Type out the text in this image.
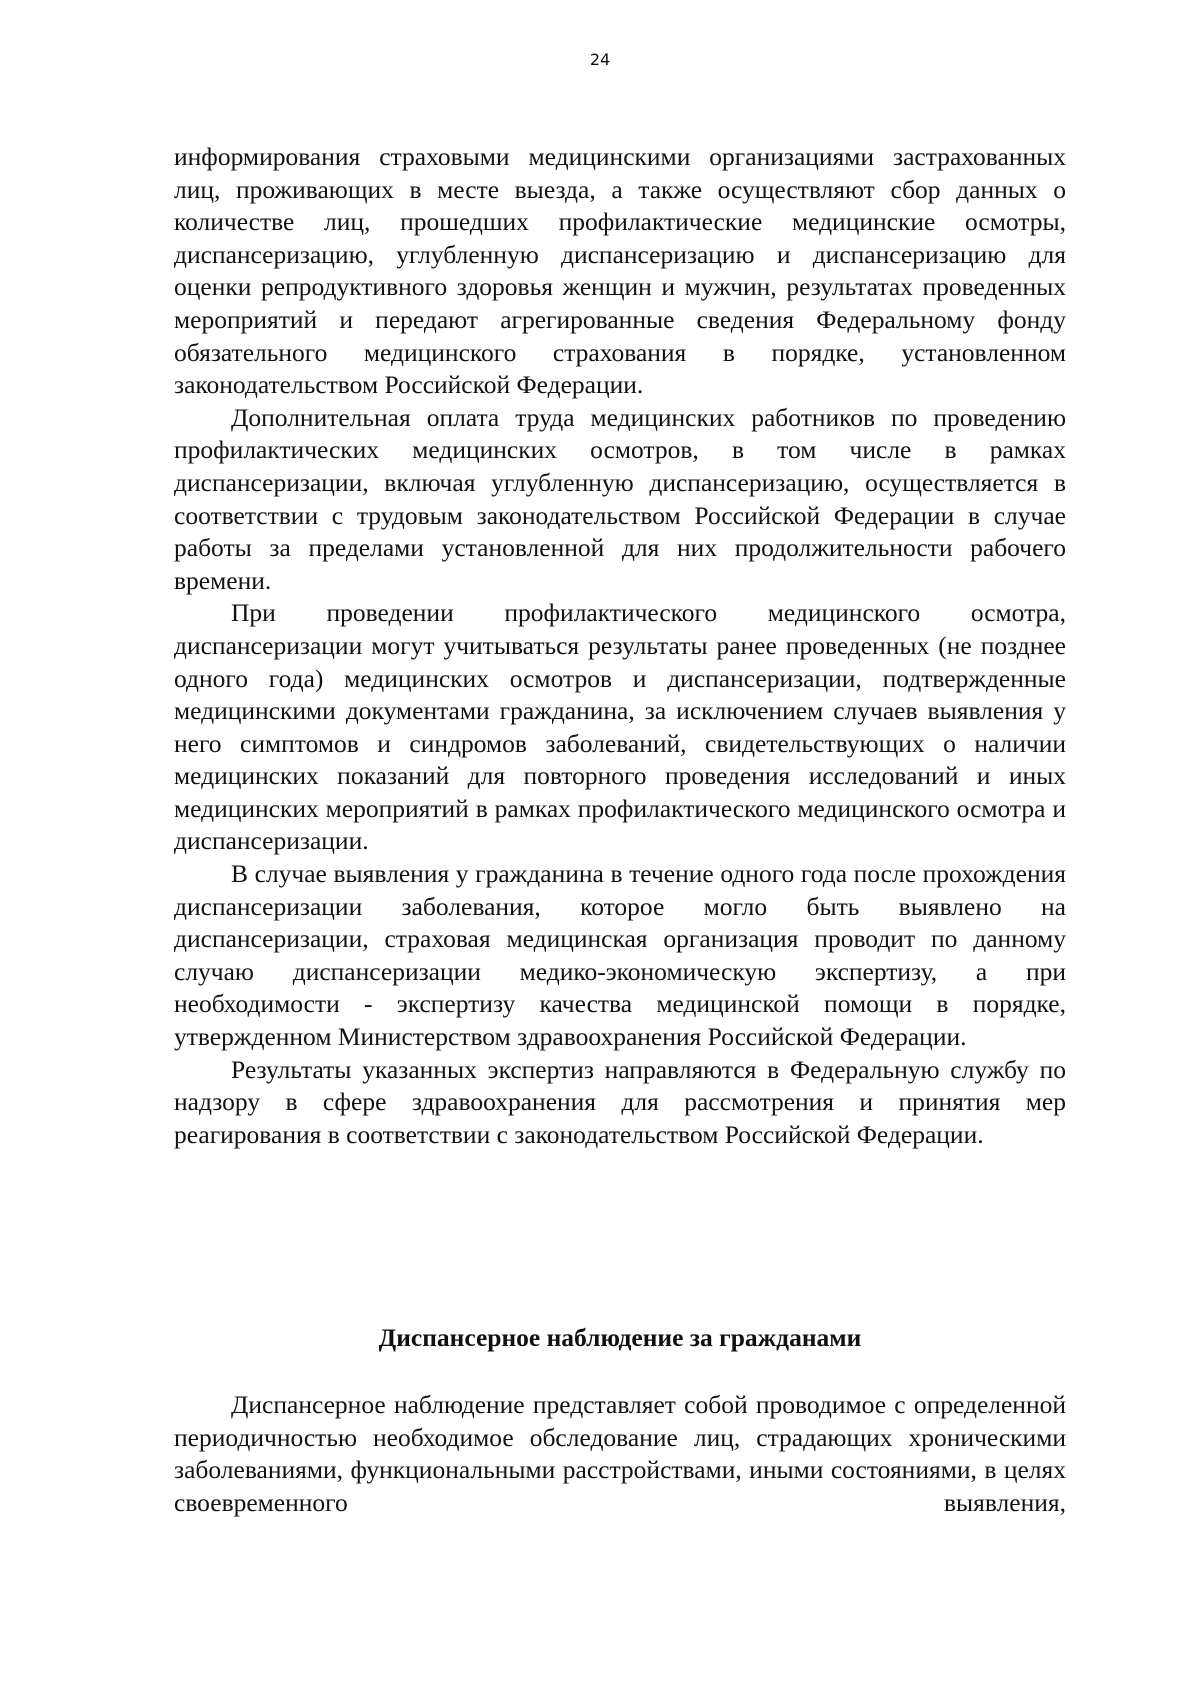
24

информирования страховыми медицинскими организациями застрахованных лиц, проживающих в месте выезда, а также осуществляют сбор данных о количестве лиц, прошедших профилактические медицинские осмотры, диспансеризацию, углубленную диспансеризацию и диспансеризацию для оценки репродуктивного здоровья женщин и мужчин, результатах проведенных мероприятий и передают агрегированные сведения Федеральному фонду обязательного медицинского страхования в порядке, установленном законодательством Российской Федерации.

Дополнительная оплата труда медицинских работников по проведению профилактических медицинских осмотров, в том числе в рамках диспансеризации, включая углубленную диспансеризацию, осуществляется в соответствии с трудовым законодательством Российской Федерации в случае работы за пределами установленной для них продолжительности рабочего времени.

При проведении профилактического медицинского осмотра, диспансеризации могут учитываться результаты ранее проведенных (не позднее одного года) медицинских осмотров и диспансеризации, подтвержденные медицинскими документами гражданина, за исключением случаев выявления у него симптомов и синдромов заболеваний, свидетельствующих о наличии медицинских показаний для повторного проведения исследований и иных медицинских мероприятий в рамках профилактического медицинского осмотра и диспансеризации.

В случае выявления у гражданина в течение одного года после прохождения диспансеризации заболевания, которое могло быть выявлено на диспансеризации, страховая медицинская организация проводит по данному случаю диспансеризации медико-экономическую экспертизу, а при необходимости - экспертизу качества медицинской помощи в порядке, утвержденном Министерством здравоохранения Российской Федерации.

Результаты указанных экспертиз направляются в Федеральную службу по надзору в сфере здравоохранения для рассмотрения и принятия мер реагирования в соответствии с законодательством Российской Федерации.

Диспансерное наблюдение за гражданами

Диспансерное наблюдение представляет собой проводимое с определенной периодичностью необходимое обследование лиц, страдающих хроническими заболеваниями, функциональными расстройствами, иными состояниями, в целях своевременного выявления,
